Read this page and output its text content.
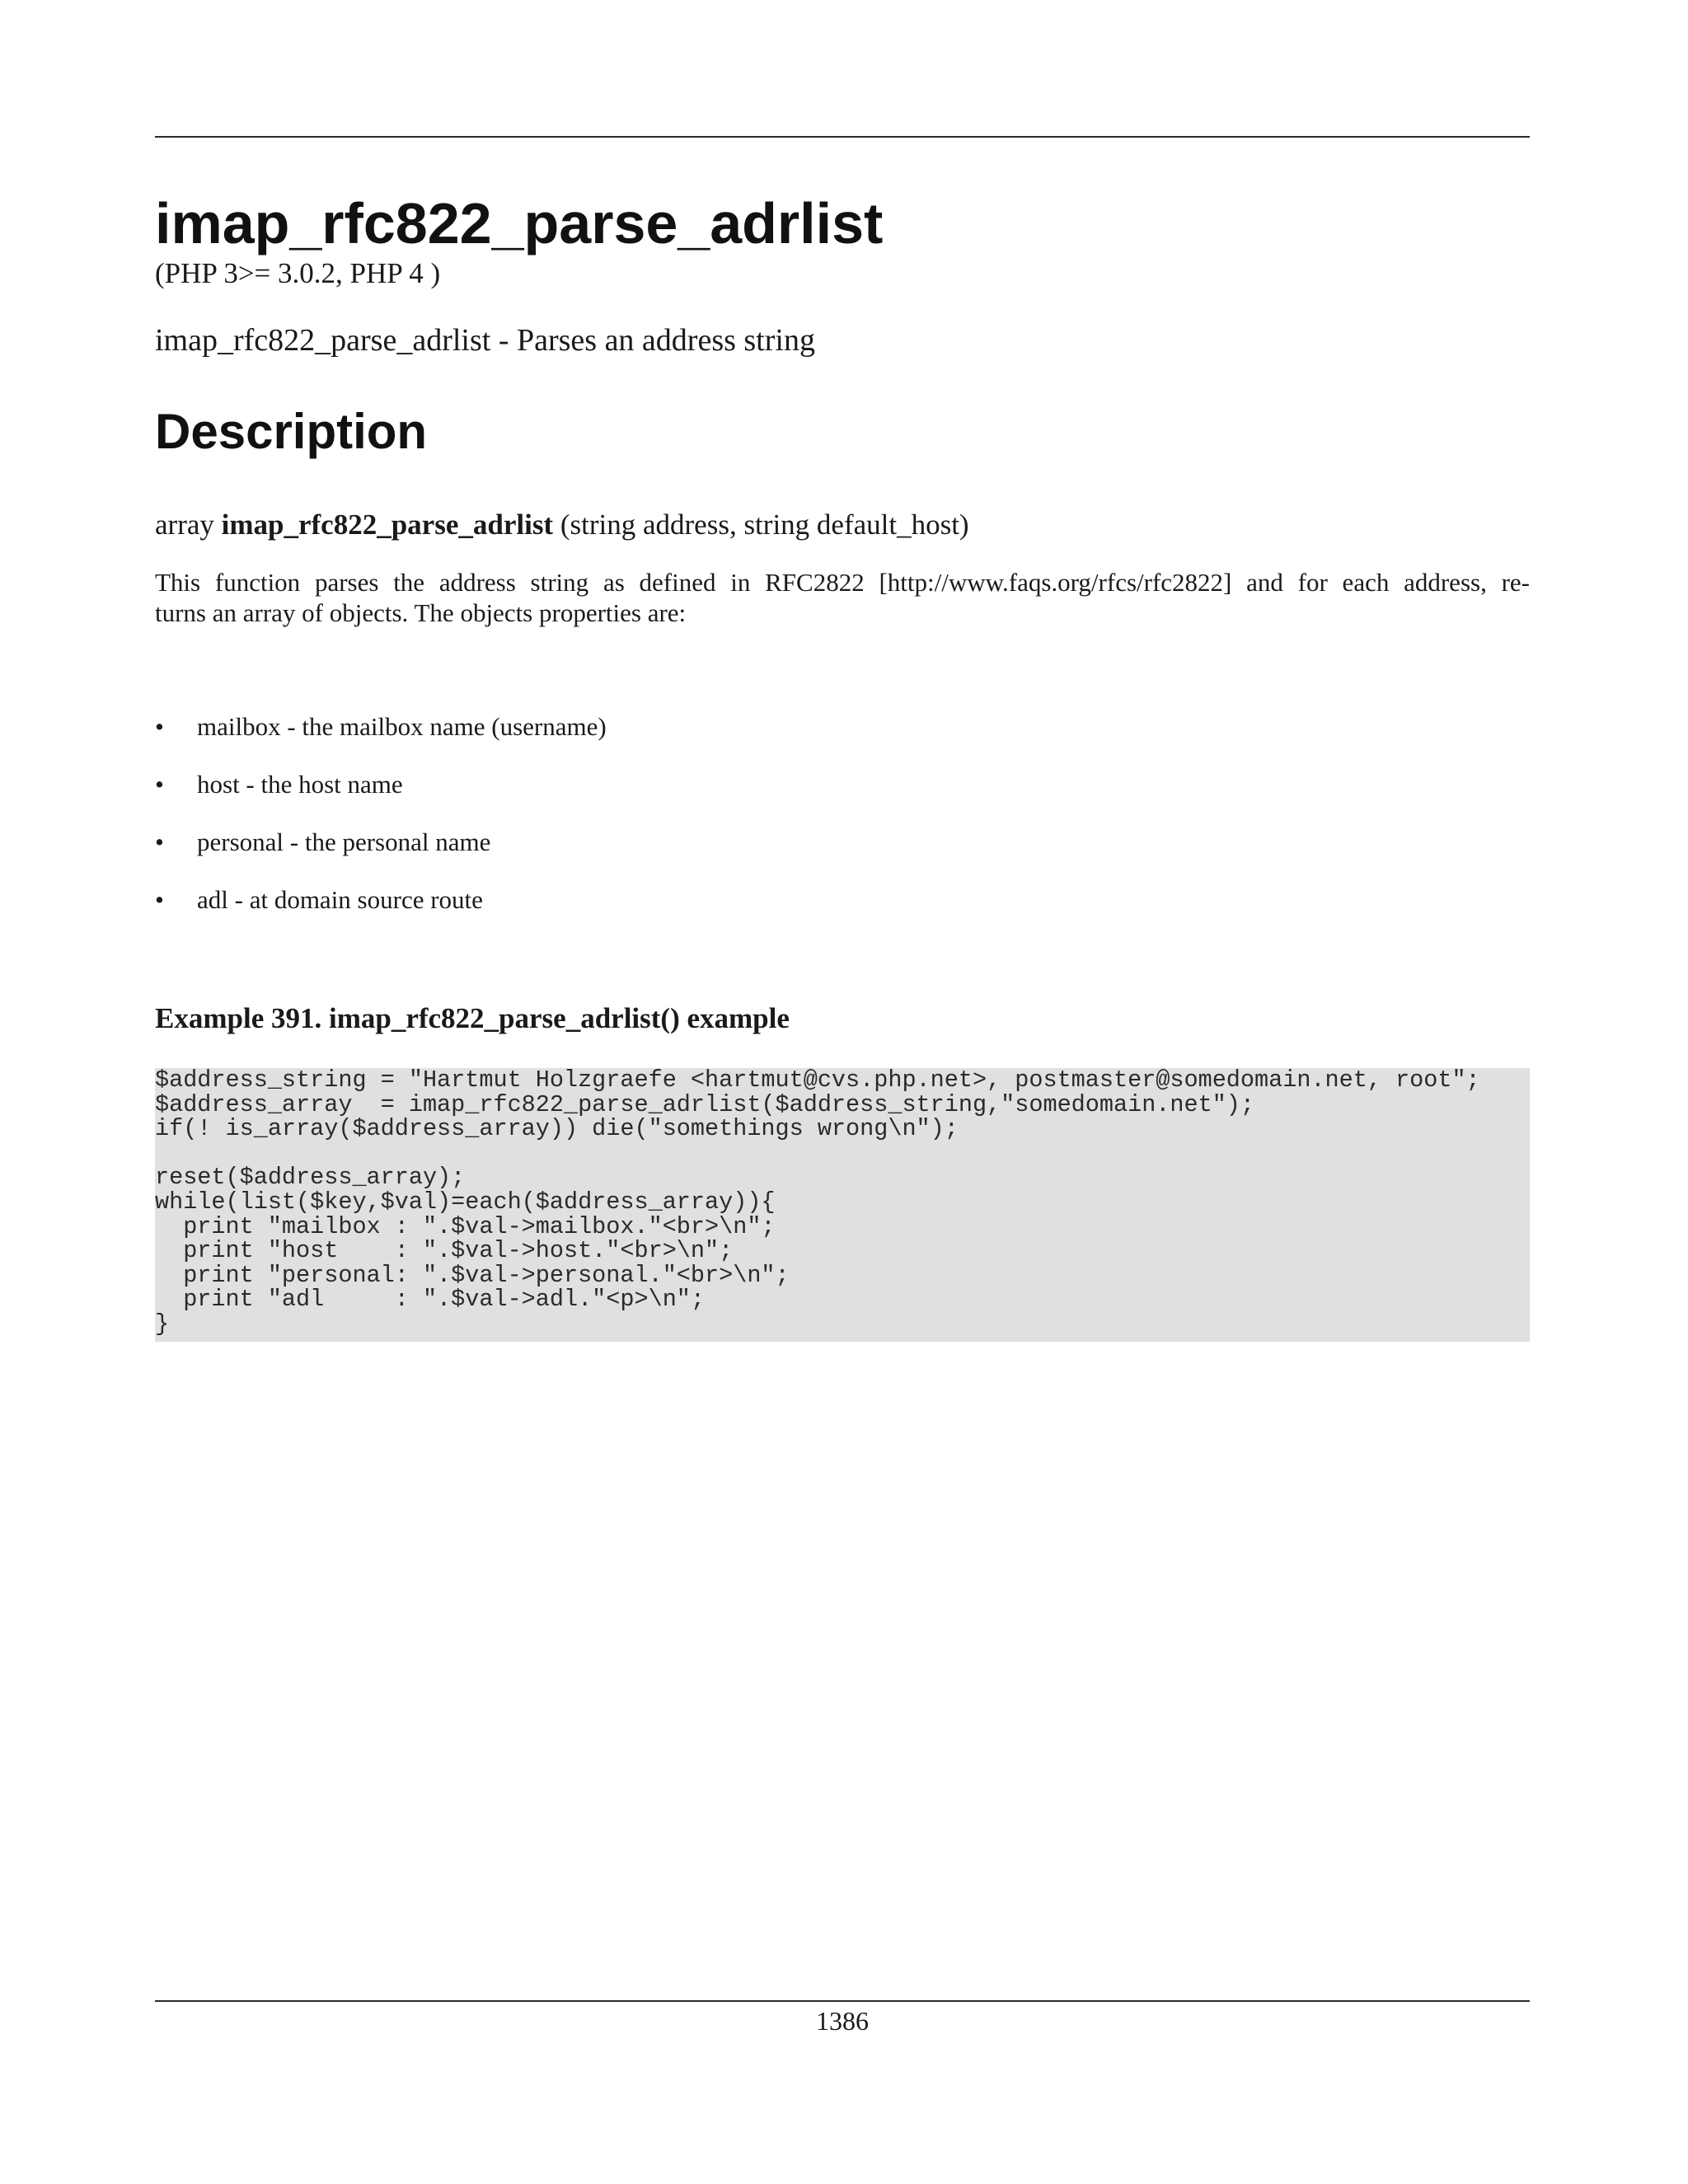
imap_rfc822_parse_adrlist
(PHP 3>= 3.0.2, PHP 4 )
imap_rfc822_parse_adrlist - Parses an address string
Description
array imap_rfc822_parse_adrlist (string address, string default_host)
This function parses the address string as defined in RFC2822 [http://www.faqs.org/rfcs/rfc2822] and for each address, re-
turns an array of objects. The objects properties are:
• mailbox - the mailbox name (username)
• host - the host name
• personal - the personal name
• adl - at domain source route
Example 391. imap_rfc822_parse_adrlist() example
$address_string = "Hartmut Holzgraefe <hartmut@cvs.php.net>, postmaster@somedomain.net, root";
$address_array  = imap_rfc822_parse_adrlist($address_string,"somedomain.net");
if(! is_array($address_array)) die("somethings wrong\n");

reset($address_array);
while(list($key,$val)=each($address_array)){
print "mailbox : ".$val->mailbox."<br>\n";
print "host    : ".$val->host."<br>\n";
print "personal: ".$val->personal."<br>\n";
print "adl     : ".$val->adl."<p>\n";
}
1386
